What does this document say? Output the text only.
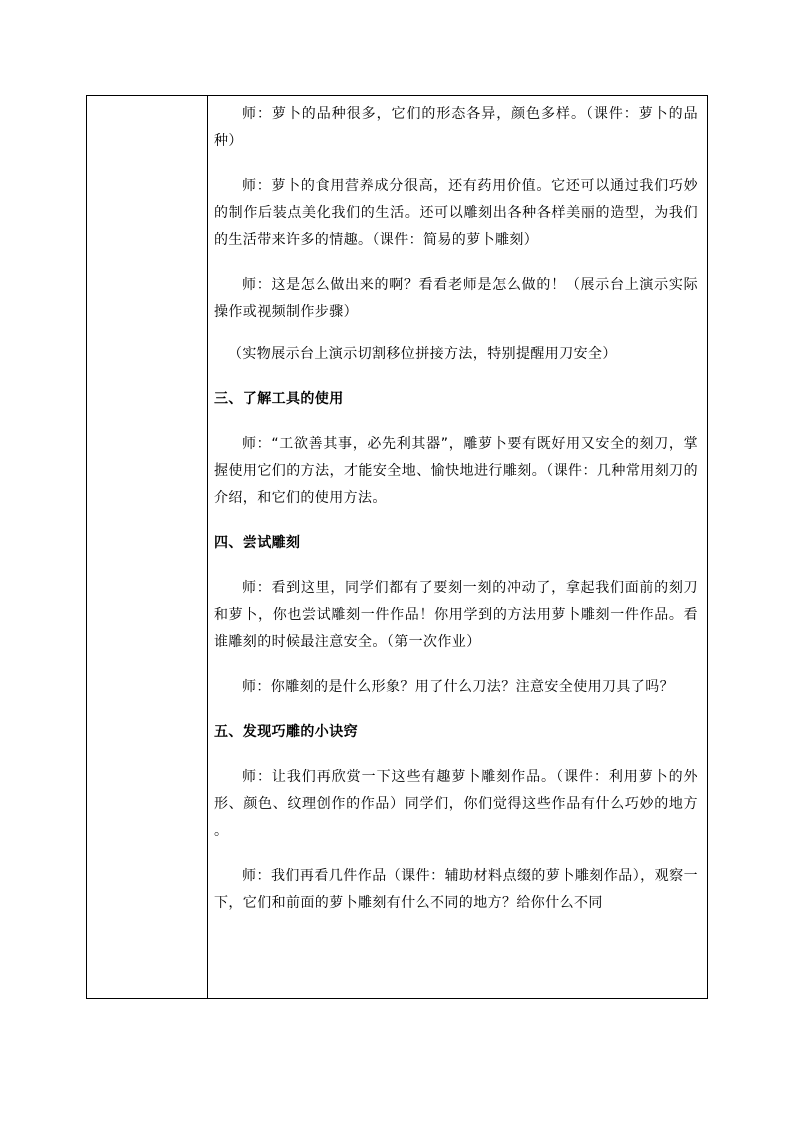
师：萝卜的品种很多，它们的形态各异，颜色多样。（课件：萝卜的品种）

师：萝卜的食用营养成分很高，还有药用价值。它还可以通过我们巧妙的制作后装点美化我们的生活。还可以雕刻出各种各样美丽的造型，为我们的生活带来许多的情趣。（课件：简易的萝卜雕刻）

师：这是怎么做出来的啊？看看老师是怎么做的！（展示台上演示实际操作或视频制作步骤）

（实物展示台上演示切割移位拼接方法，特别提醒用刀安全）

三、了解工具的使用

师：“工欲善其事，必先利其器”，雕萝卜要有既好用又安全的刻刀，掌握使用它们的方法，才能安全地、愉快地进行雕刻。（课件：几种常用刻刀的介绍，和它们的使用方法。

四、尝试雕刻

师：看到这里，同学们都有了要刻一刻的冲动了，拿起我们面前的刻刀和萝卜，你也尝试雕刻一件作品！你用学到的方法用萝卜雕刻一件作品。看谁雕刻的时候最注意安全。（第一次作业）

师：你雕刻的是什么形象？用了什么刀法？注意安全使用刀具了吗？

五、发现巧雕的小诀窍

师：让我们再欣赏一下这些有趣萝卜雕刻作品。（课件：利用萝卜的外形、颜色、纹理创作的作品）同学们，你们觉得这些作品有什么巧妙的地方 。

师：我们再看几件作品（课件：辅助材料点缀的萝卜雕刻作品），观察一下，它们和前面的萝卜雕刻有什么不同的地方？给你什么不同
